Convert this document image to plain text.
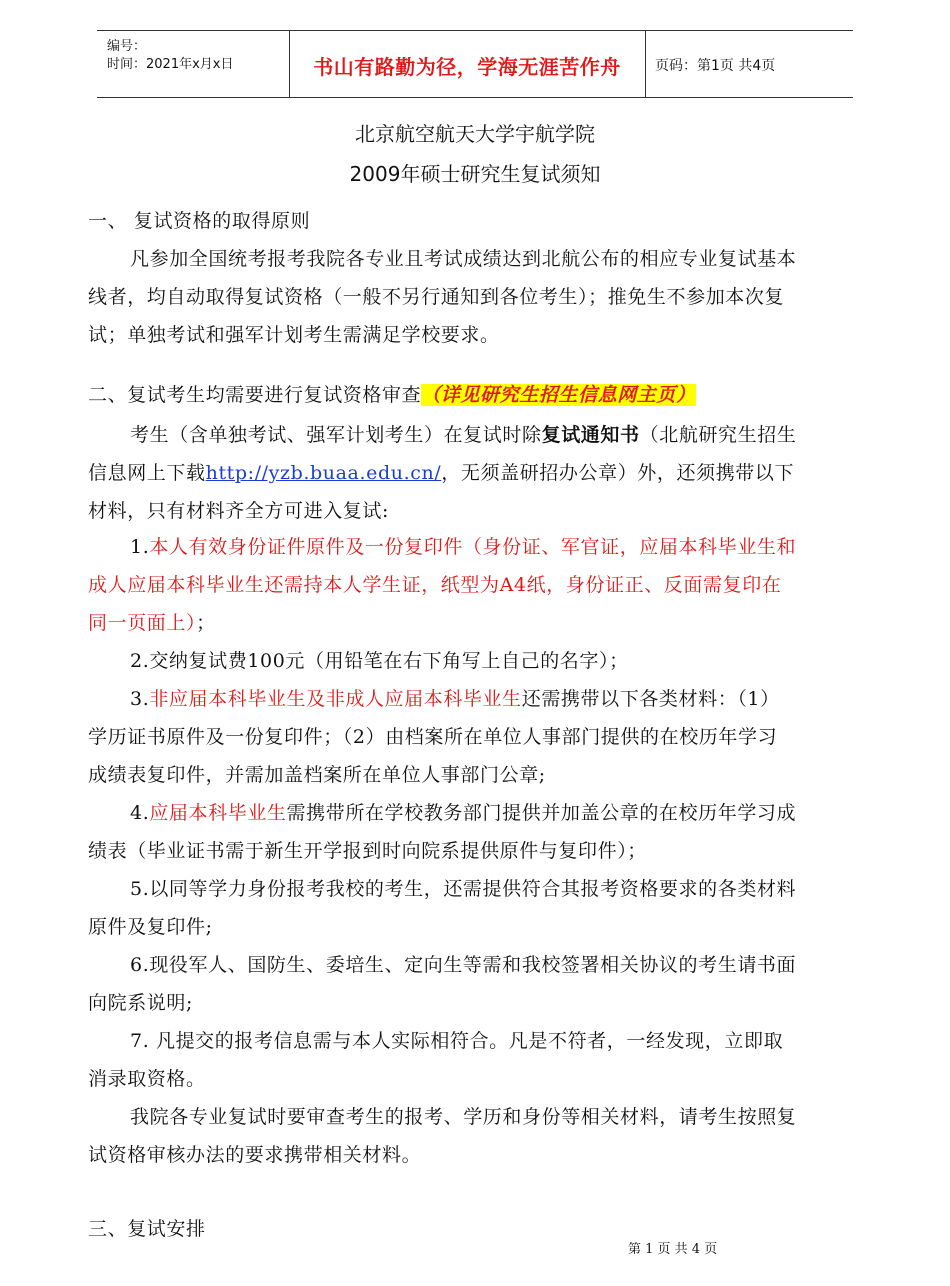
编号：
时间：2021年x月x日	书山有路勤为径，学海无涯苦作舟	页码：第1页 共4页
北京航空航天大学宇航学院
2009年硕士研究生复试须知
一、 复试资格的取得原则
凡参加全国统考报考我院各专业且考试成绩达到北航公布的相应专业复试基本
线者，均自动取得复试资格（一般不另行通知到各位考生）；推免生不参加本次复
试；单独考试和强军计划考生需满足学校要求。
二、复试考生均需要进行复试资格审查（详见研究生招生信息网主页）
考生（含单独考试、强军计划考生）在复试时除复试通知书（北航研究生招生
信息网上下载http://yzb.buaa.edu.cn/，无须盖研招办公章）外，还须携带以下
材料，只有材料齐全方可进入复试:
1.本人有效身份证件原件及一份复印件（身份证、军官证，应届本科毕业生和
成人应届本科毕业生还需持本人学生证，纸型为A4纸，身份证正、反面需复印在
同一页面上）；
2.交纳复试费100元（用铅笔在右下角写上自己的名字）；
3.非应届本科毕业生及非成人应届本科毕业生还需携带以下各类材料：（1）
学历证书原件及一份复印件；（2）由档案所在单位人事部门提供的在校历年学习
成绩表复印件，并需加盖档案所在单位人事部门公章;
4.应届本科毕业生需携带所在学校教务部门提供并加盖公章的在校历年学习成
绩表（毕业证书需于新生开学报到时向院系提供原件与复印件）；
5.以同等学力身份报考我校的考生，还需提供符合其报考资格要求的各类材料
原件及复印件;
6.现役军人、国防生、委培生、定向生等需和我校签署相关协议的考生请书面
向院系说明;
7. 凡提交的报考信息需与本人实际相符合。凡是不符者，一经发现，立即取
消录取资格。
我院各专业复试时要审查考生的报考、学历和身份等相关材料，请考生按照复
试资格审核办法的要求携带相关材料。
三、复试安排
第 1 页 共 4 页
